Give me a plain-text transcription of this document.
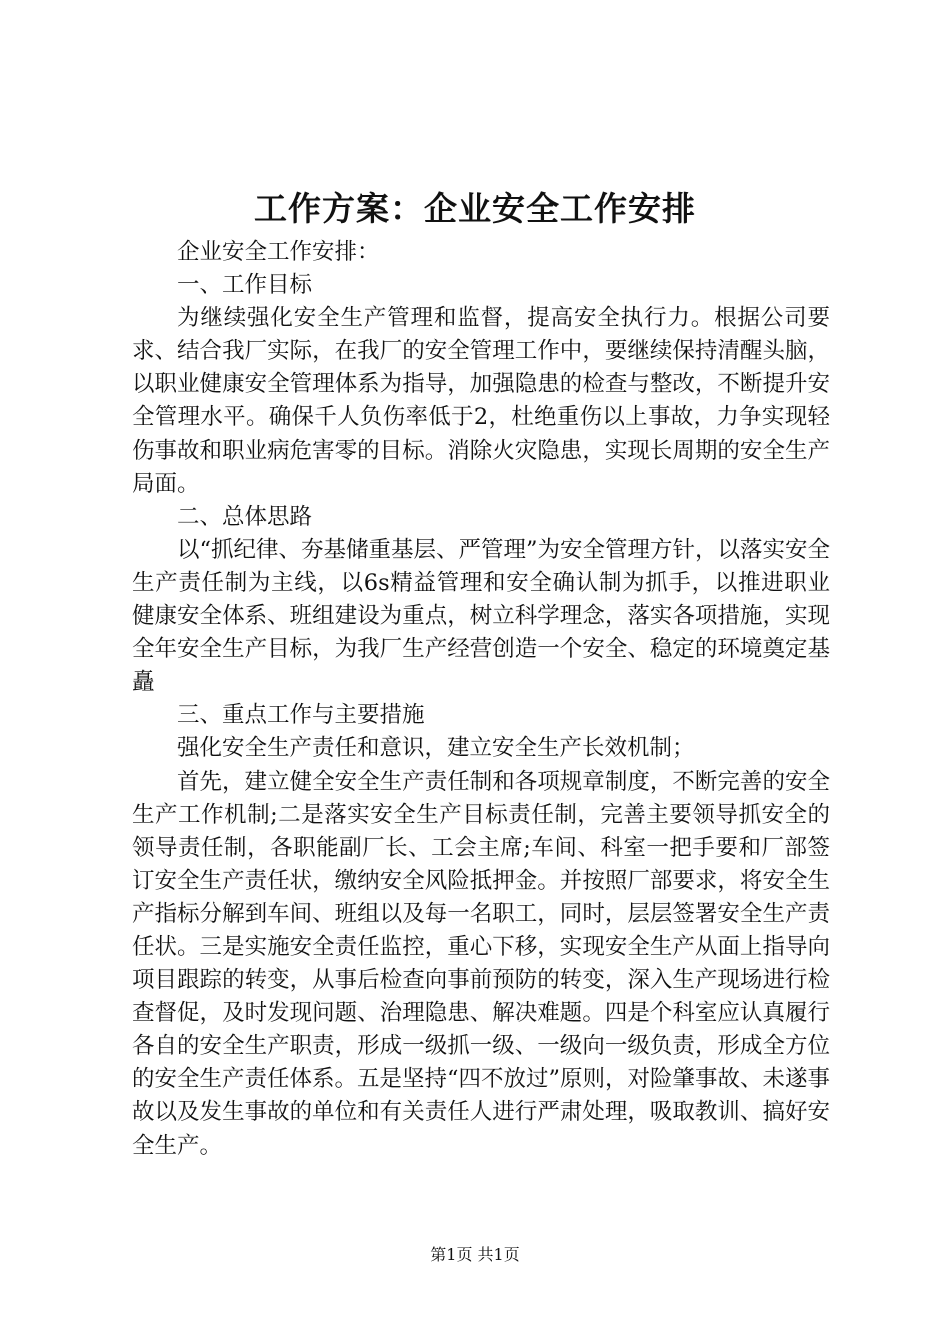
工作方案：企业安全工作安排

企业安全工作安排：

一、工作目标

为继续强化安全生产管理和监督，提高安全执行力。根据公司要求、结合我厂实际，在我厂的安全管理工作中，要继续保持清醒头脑，以职业健康安全管理体系为指导，加强隐患的检查与整改，不断提升安全管理水平。确保千人负伤率低于2，杜绝重伤以上事故，力争实现轻伤事故和职业病危害零的目标。消除火灾隐患，实现长周期的安全生产局面。

二、总体思路

以“抓纪律、夯基储重基层、严管理”为安全管理方针，以落实安全生产责任制为主线，以6s精益管理和安全确认制为抓手，以推进职业健康安全体系、班组建设为重点，树立科学理念，落实各项措施，实现全年安全生产目标，为我厂生产经营创造一个安全、稳定的环境奠定基矗

三、重点工作与主要措施

强化安全生产责任和意识，建立安全生产长效机制；

首先，建立健全安全生产责任制和各项规章制度，不断完善的安全生产工作机制;二是落实安全生产目标责任制，完善主要领导抓安全的领导责任制，各职能副厂长、工会主席;车间、科室一把手要和厂部签订安全生产责任状，缴纳安全风险抵押金。并按照厂部要求，将安全生产指标分解到车间、班组以及每一名职工，同时，层层签署安全生产责任状。三是实施安全责任监控，重心下移，实现安全生产从面上指导向项目跟踪的转变，从事后检查向事前预防的转变，深入生产现场进行检查督促，及时发现问题、治理隐患、解决难题。四是个科室应认真履行各自的安全生产职责，形成一级抓一级、一级向一级负责，形成全方位的安全生产责任体系。五是坚持“四不放过”原则，对险肇事故、未遂事故以及发生事故的单位和有关责任人进行严肃处理，吸取教训、搞好安全生产。

第1页 共1页
